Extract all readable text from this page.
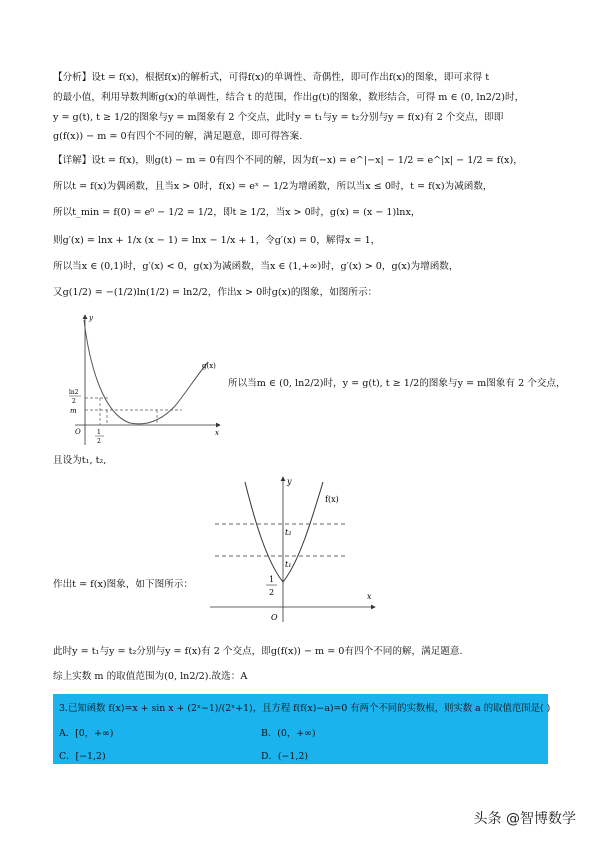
【分析】设t = f(x)，根据f(x)的解析式，可得f(x)的单调性、奇偶性，即可作出f(x)的图象，即可求得 t
的最小值，利用导数判断g(x)的单调性，结合 t 的范围，作出g(t)的图象，数形结合，可得 m ∈ (0, ln2/2)时，
y = g(t), t ≥ 1/2的图象与y = m图象有 2 个交点，此时y = t₁与y = t₂分别与y = f(x)有 2 个交点，即即
g(f(x)) − m = 0有四个不同的解，满足题意，即可得答案.
【详解】设t = f(x)，则g(t) − m = 0有四个不同的解，因为f(−x) = e^|−x| − 1/2 = e^|x| − 1/2 = f(x)，
所以t = f(x)为偶函数，且当x > 0时，f(x) = eˣ − 1/2为增函数，所以当x ≤ 0时，t = f(x)为减函数，
所以t_min = f(0) = e⁰ − 1/2 = 1/2，即t ≥ 1/2，当x > 0时，g(x) = (x − 1)lnx，
则g′(x) = lnx + 1/x (x − 1) = lnx − 1/x + 1，令g′(x) = 0，解得x = 1，
所以当x ∈ (0,1)时，g′(x) < 0，g(x)为减函数，当x ∈ (1,+∞)时，g′(x) > 0，g(x)为增函数，
又g(1/2) = −(1/2)ln(1/2) = ln2/2，作出x > 0时g(x)的图象，如图所示：
y
g(x)
x
O
ln2
2
m
1
2
所以当m ∈ (0, ln2/2)时，y = g(t), t ≥ 1/2的图象与y = m图象有 2 个交点，
且设为t₁, t₂,
y
f(x)
t₂
t₁
1
2
O
x
作出t = f(x)图象，如下图所示：
此时y = t₁与y = t₂分别与y = f(x)有 2 个交点，即g(f(x)) − m = 0有四个不同的解，满足题意.
综上实数 m 的取值范围为(0, ln2/2).故选：A
3.已知函数 f(x)=x + sin x + (2ˣ−1)/(2ˣ+1)，且方程 f(f(x)−a)=0 有两个不同的实数根，则实数 a 的取值范围是( )
A．[0，+∞)	B．(0，+∞)
C．[−1,2)	D．(−1,2)
头条 @智博数学
